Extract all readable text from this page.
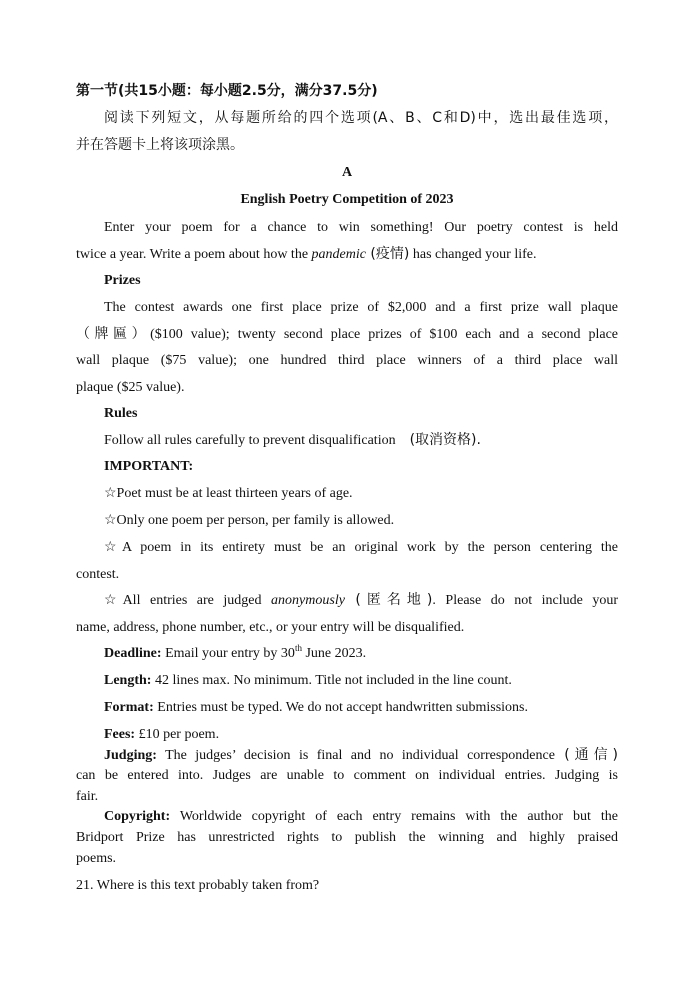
第一节(共15小题：每小题2.5分，满分37.5分)
阅读下列短文，从每题所给的四个选项(A、B、C和D)中，选出最佳选项，
并在答题卡上将该项涂黑。
A
English Poetry Competition of 2023
Enter your poem for a chance to win something! Our poetry contest is held
twice a year. Write a poem about how the pandemic (疫情) has changed your life.
Prizes
The contest awards one first place prize of $2,000 and a first prize wall plaque
（牌匾）($100 value); twenty second place prizes of $100 each and a second place
wall plaque ($75 value); one hundred third place winners of a third place wall
plaque ($25 value).
Rules
Follow all rules carefully to prevent disqualification (取消资格).
IMPORTANT:
☆Poet must be at least thirteen years of age.
☆Only one poem per person, per family is allowed.
☆A poem in its entirety must be an original work by the person centering the
contest.
☆All entries are judged anonymously (匿名地). Please do not include your
name, address, phone number, etc., or your entry will be disqualified.
Deadline: Email your entry by 30th June 2023.
Length: 42 lines max. No minimum. Title not included in the line count.
Format: Entries must be typed. We do not accept handwritten submissions.
Fees: £10 per poem.
Judging: The judges’ decision is final and no individual correspondence (通信)
can be entered into. Judges are unable to comment on individual entries. Judging is
fair.
Copyright: Worldwide copyright of each entry remains with the author but the
Bridport Prize has unrestricted rights to publish the winning and highly praised
poems.
21. Where is this text probably taken from?
